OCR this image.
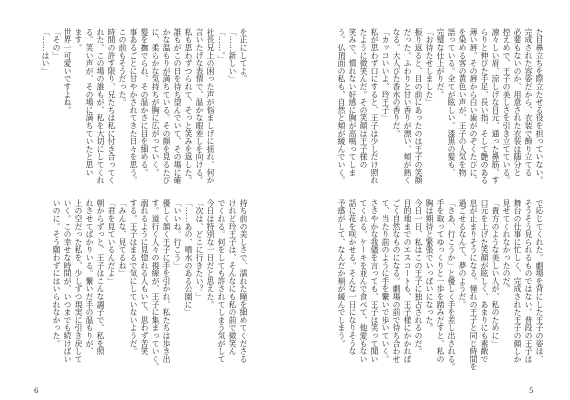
を正にしてよ。
「……新しい」
「……。」
社長兄上の困った声が悩ましげに揺れ、何か
言いたげな表情で、温かな眼差しを向ける。
私も思わずつられて、そっと笑みを返した。
誰もがこの日を待ち望んでいて、その場に確
かな温もりが満ちている。その顔を見るたび
に、柔らかな気持ちが胸に広がっていく。
髪を撫でられ、その温かさに目を細める。
事あるごとに甘やかされてきた日々を思う。
この前もそうだった。
時間の許す限り、兄たちは私に付き合ってく
れた。この場の誰もが、私を大切にしてくれ
る。笑い声が、その場に満ちていたと思い
ます。
世界一可愛いですよね。
「その」
「……はい」
持ち前の美しさで、濡れた瞳を細めてくださる
けれど玲王子は、そんなにも私の前で微笑ん
でくれる。何をしても許されてしまう気がして
今日は特別な一日だと思えた。
「次は、どこに行きたい？」
「……あの、噴水のある公園に」
「いいね。行こう」
優しく頷く王子に手を引かれ、私たちは歩き出
す。道行く人々の視線が、王子に集まっていく。
溺れるように見惚れる人もいて、思わず苦笑
する。王子はまるで気にしていないようだ。
「みんな、見てるね」
「君を見ているんだよ」
朝からずっと、王子はこんな調子で、私を照
れさせてばかりいる。繋いだ手の温もりが、
上の空だった私を、少しずつ現実に引き戻して
いく。この幸せな時間が、いつまでも続けばい
いのに。そう願わずにはいられなかった。
6
た目鼻立ちを際立たせる役を担っていない。
完成された容姿だから、衣装で飾り立てる
必要もないのか、用意された衣装は随分と
控えめで、王子の美しさを引き立てている。
凛々しい眉、涼しげな目元、通った鼻筋、す
らりと伸びた手足、長い指、そして艶のある
薄い唇。その唇から白い歯がのぞくたびに、
を染める客の黄色い声が、王子の人気を物
語っている。全てが眩しい。漆黒の髪も、
完璧な仕上がりだ。
「お待たせしました」
振り返ると、目の前にあったのは王子の笑顔
だった。ふわりと甘い香りが漂い、頬が熱く
なる。大人びた香水の香りだ。
「カッコいいよ、玲王子」
私が思わず口にすると、王子は少しだけ照れ
たように微笑んだ。その笑顔は王子様の
笑みで、慣れない好感に胸が高鳴ってしま
う。仏頂面の私も、自然と頬が緩んでいく。
で応じてくれた。劇場を背にした王子の姿は、
そうそう見られるものではない。普段の王子は
舞台の仕事に忙しく、完成された王子の顔しか
見せてくれなかったのだ。
「貴方のような美しい人が、私のために」
口元を上げた笑顔が眩しく、あまりにも素敵で
息が止まりそうになる。憧れの王子と同じ時間を
過ごせるなんて、夢のようだ。
「さあ、行こうか」と優しく手を差し出される。
手を取ってゆっくりと一歩を踏みだすと、私の
胸は期待と緊張でいっぱいになった。
今日一日、私はこの王子に独占されるのだ。
目的地までのエスコートも、王子様にかかれば
ごく自然なものになる。劇場の前で待ち合わせ
て、当たり前のように手を繋いで歩いていく。
ささやかな我儘を言っても、王子は笑って聞い
てくれる。ケーキを並んで食べて、他愛もない
話に花を咲かせる。そんな一日になりそうな
予感がして、なんだか頬が緩んでしまう。
5
